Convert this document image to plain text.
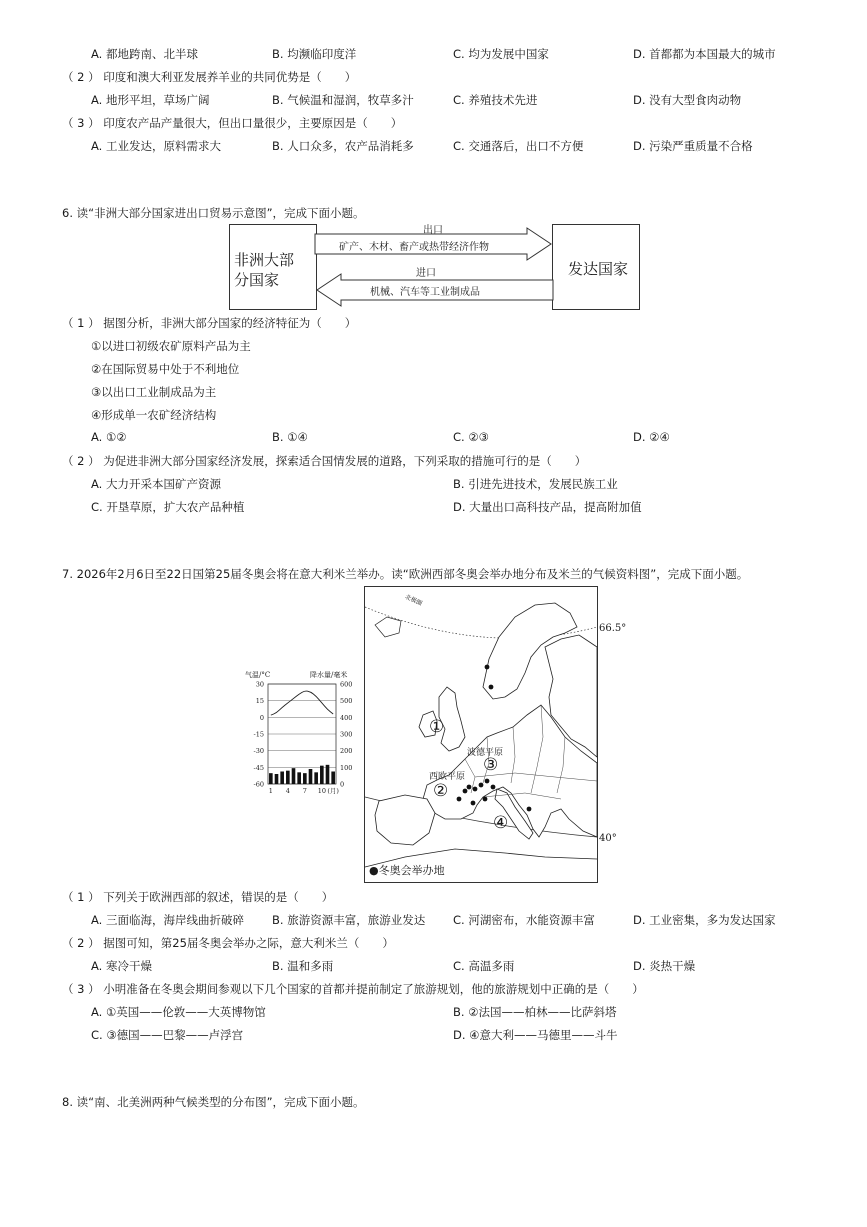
A. 都地跨南、北半球	B. 均濒临印度洋	C. 均为发展中国家	D. 首都都为本国最大的城市
（ 2 ） 印度和澳大利亚发展养羊业的共同优势是（　　）
A. 地形平坦，草场广阔	B. 气候温和湿润，牧草多汁	C. 养殖技术先进	D. 没有大型食肉动物
（ 3 ） 印度农产品产量很大，但出口量很少，主要原因是（　　）
A. 工业发达，原料需求大	B. 人口众多，农产品消耗多	C. 交通落后，出口不方便	D. 污染严重质量不合格
6. 读“非洲大部分国家进出口贸易示意图”，完成下面小题。
非洲大部
分国家
发达国家
出口
矿产、木材、畜产或热带经济作物
进口
机械、汽车等工业制成品
（ 1 ） 据图分析，非洲大部分国家的经济特征为（　　）
①以进口初级农矿原料产品为主
②在国际贸易中处于不利地位
③以出口工业制成品为主
④形成单一农矿经济结构
A. ①②	B. ①④	C. ②③	D. ②④
（ 2 ） 为促进非洲大部分国家经济发展，探索适合国情发展的道路，下列采取的措施可行的是（　　）
A. 大力开采本国矿产资源	B. 引进先进技术，发展民族工业
C. 开垦草原，扩大农产品种植	D. 大量出口高科技产品，提高附加值
7. 2026年2月6日至22日国第25届冬奥会将在意大利米兰举办。读“欧洲西部冬奥会举办地分布及米兰的气候资料图”，完成下面小题。
气温/°C	降水量/毫米
30
15
0
-15
-30
-45
-60
600
500
400
300
200
100
0
1 4 7 10 (月)
66.5°
40°
北极圈
①
波德平原
③
西欧平原
②
④
●冬奥会举办地
（ 1 ） 下列关于欧洲西部的叙述，错误的是（　　）
A. 三面临海，海岸线曲折破碎 B. 旅游资源丰富，旅游业发达 C. 河湖密布，水能资源丰富	D. 工业密集，多为发达国家
（ 2 ） 据图可知，第25届冬奥会举办之际，意大利米兰（　　）
A. 寒冷干燥	B. 温和多雨	C. 高温多雨	D. 炎热干燥
（ 3 ） 小明准备在冬奥会期间参观以下几个国家的首都并提前制定了旅游规划，他的旅游规划中正确的是（　　）
A. ①英国——伦敦——大英博物馆	B. ②法国——柏林——比萨斜塔
C. ③德国——巴黎——卢浮宫	D. ④意大利——马德里——斗牛
8. 读“南、北美洲两种气候类型的分布图”，完成下面小题。
